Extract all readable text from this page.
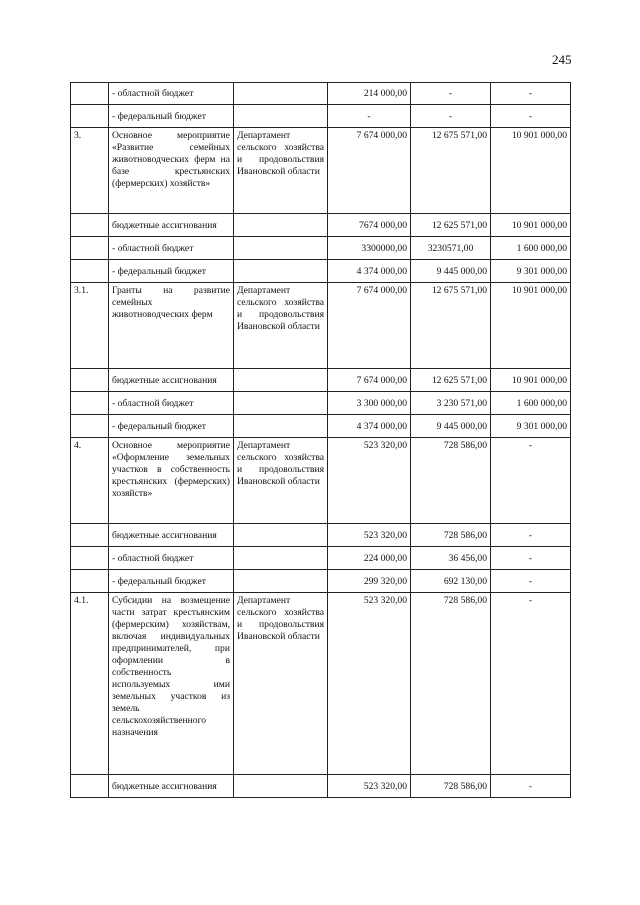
245
	- областной бюджет		214 000,00	-	-
	- федеральный бюджет		-	-	-
3.	Основное мероприятие «Развитие семейных животноводческих ферм на базе крестьянских (фермерских) хозяйств»	Департамент сельского хозяйства и продовольствия Ивановской области	7 674 000,00	12 675 571,00	10 901 000,00
	бюджетные ассигнования		7674 000,00	12 625 571,00	10 901 000,00
	- областной бюджет		3300000,00	3230571,00	1 600 000,00
	- федеральный бюджет		4 374 000,00	9 445 000,00	9 301 000,00
3.1.	Гранты на развитие семейных животноводческих ферм	Департамент сельского хозяйства и продовольствия Ивановской области	7 674 000,00	12 675 571,00	10 901 000,00
	бюджетные ассигнования		7 674 000,00	12 625 571,00	10 901 000,00
	- областной бюджет		3 300 000,00	3 230 571,00	1 600 000,00
	- федеральный бюджет		4 374 000,00	9 445 000,00	9 301 000,00
4.	Основное мероприятие «Оформление земельных участков в собственность крестьянских (фермерских) хозяйств»	Департамент сельского хозяйства и продовольствия Ивановской области	523 320,00	728 586,00	-
	бюджетные ассигнования		523 320,00	728 586,00	-
	- областной бюджет		224 000,00	36 456,00	-
	- федеральный бюджет		299 320,00	692 130,00	-
4.1.	Субсидии на возмещение части затрат крестьянским (фермерским) хозяйствам, включая индивидуальных предпринимателей, при оформлении в собственность используемых ими земельных участков из земель сельскохозяйственного назначения	Департамент сельского хозяйства и продовольствия Ивановской области	523 320,00	728 586,00	-
	бюджетные ассигнования		523 320,00	728 586,00	-
